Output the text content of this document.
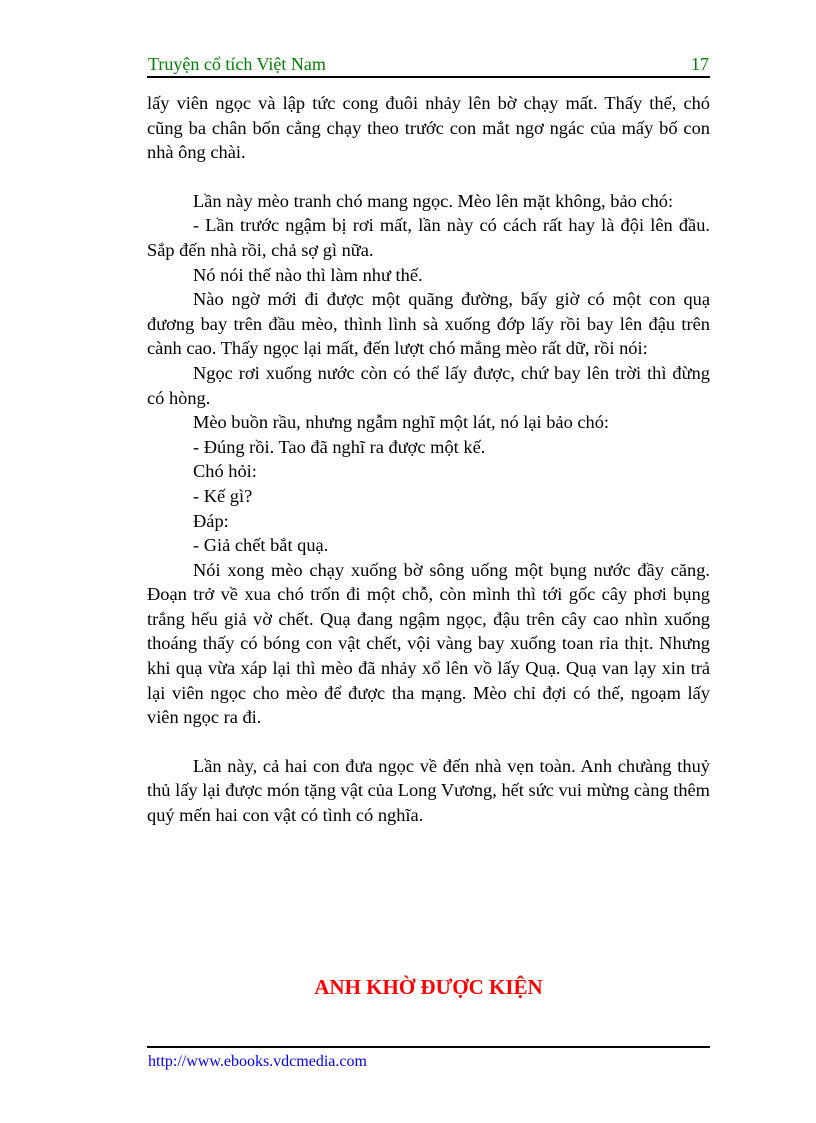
Truyện cổ tích Việt Nam	17

lấy viên ngọc và lập tức cong đuôi nhảy lên bờ chạy mất. Thấy thế, chó cũng ba chân bốn cẳng chạy theo trước con mắt ngơ ngác của mấy bố con nhà ông chài.

Lần này mèo tranh chó mang ngọc. Mèo lên mặt không, bảo chó:

- Lần trước ngậm bị rơi mất, lần này có cách rất hay là đội lên đầu. Sắp đến nhà rồi, chả sợ gì nữa.

Nó nói thế nào thì làm như thế.

Nào ngờ mới đi được một quãng đường, bấy giờ có một con quạ đương bay trên đầu mèo, thình lình sà xuống đớp lấy rồi bay lên đậu trên cành cao. Thấy ngọc lại mất, đến lượt chó mắng mèo rất dữ, rồi nói:

Ngọc rơi xuống nước còn có thể lấy được, chứ bay lên trời thì đừng có hòng.

Mèo buồn rầu, nhưng ngẫm nghĩ một lát, nó lại bảo chó:

- Đúng rồi. Tao đã nghĩ ra được một kế.

Chó hỏi:

- Kế gì?

Đáp:

- Giả chết bắt quạ.

Nói xong mèo chạy xuống bờ sông uống một bụng nước đầy căng. Đoạn trở về xua chó trốn đi một chỗ, còn mình thì tới gốc cây phơi bụng trắng hếu giả vờ chết. Quạ đang ngậm ngọc, đậu trên cây cao nhìn xuống thoáng thấy có bóng con vật chết, vội vàng bay xuống toan rỉa thịt. Nhưng khi quạ vừa xáp lại thì mèo đã nhảy xổ lên vồ lấy Quạ. Quạ van lạy xin trả lại viên ngọc cho mèo để được tha mạng. Mèo chỉ đợi có thế, ngoạm lấy viên ngọc ra đi.

Lần này, cả hai con đưa ngọc về đến nhà vẹn toàn. Anh chưàng thuỷ thủ lấy lại được món tặng vật của Long Vương, hết sức vui mừng càng thêm quý mến hai con vật có tình có nghĩa.

ANH KHỜ ĐƯỢC KIỆN
http://www.ebooks.vdcmedia.com
